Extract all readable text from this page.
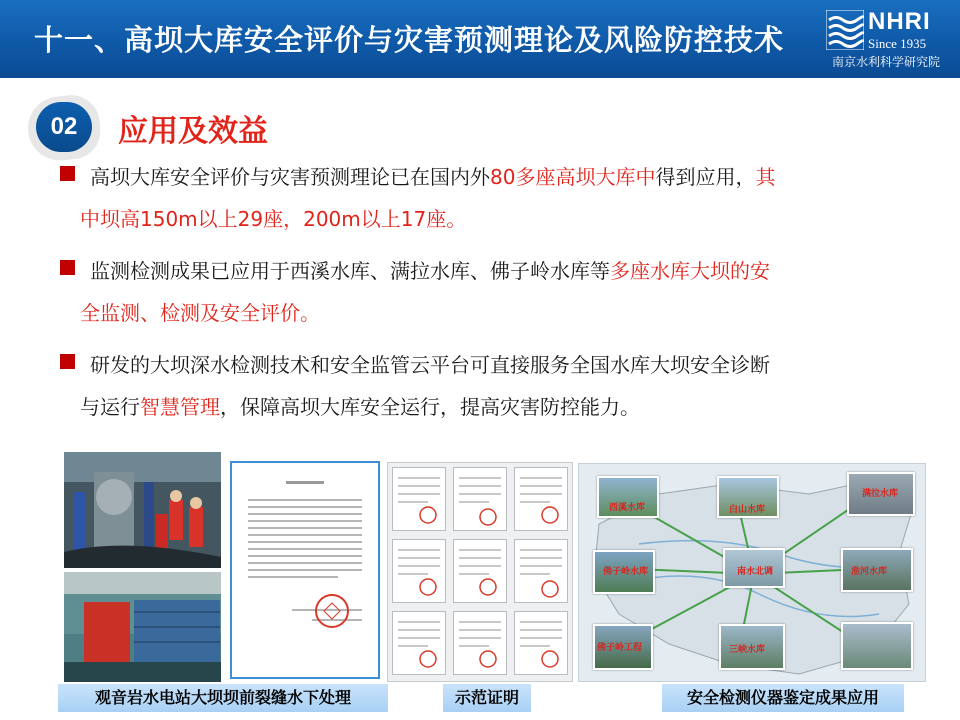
十一、高坝大库安全评价与灾害预测理论及风险防控技术
NHRI
Since 1935
南京水利科学研究院
02	应用及效益
高坝大库安全评价与灾害预测理论已在国内外80多座高坝大库中得到应用，其
中坝高150m以上29座，200m以上17座。
监测检测成果已应用于西溪水库、满拉水库、佛子岭水库等多座水库大坝的安
全监测、检测及安全评价。
研发的大坝深水检测技术和安全监管云平台可直接服务全国水库大坝安全诊断
与运行智慧管理，保障高坝大库安全运行，提高灾害防控能力。
西溪水库	白山水库
满拉水库
佛子岭水库	南水北调	淮河水库
佛子岭工程	三峡水库
观音岩水电站大坝坝前裂缝水下处理	示范证明	安全检测仪器鉴定成果应用
